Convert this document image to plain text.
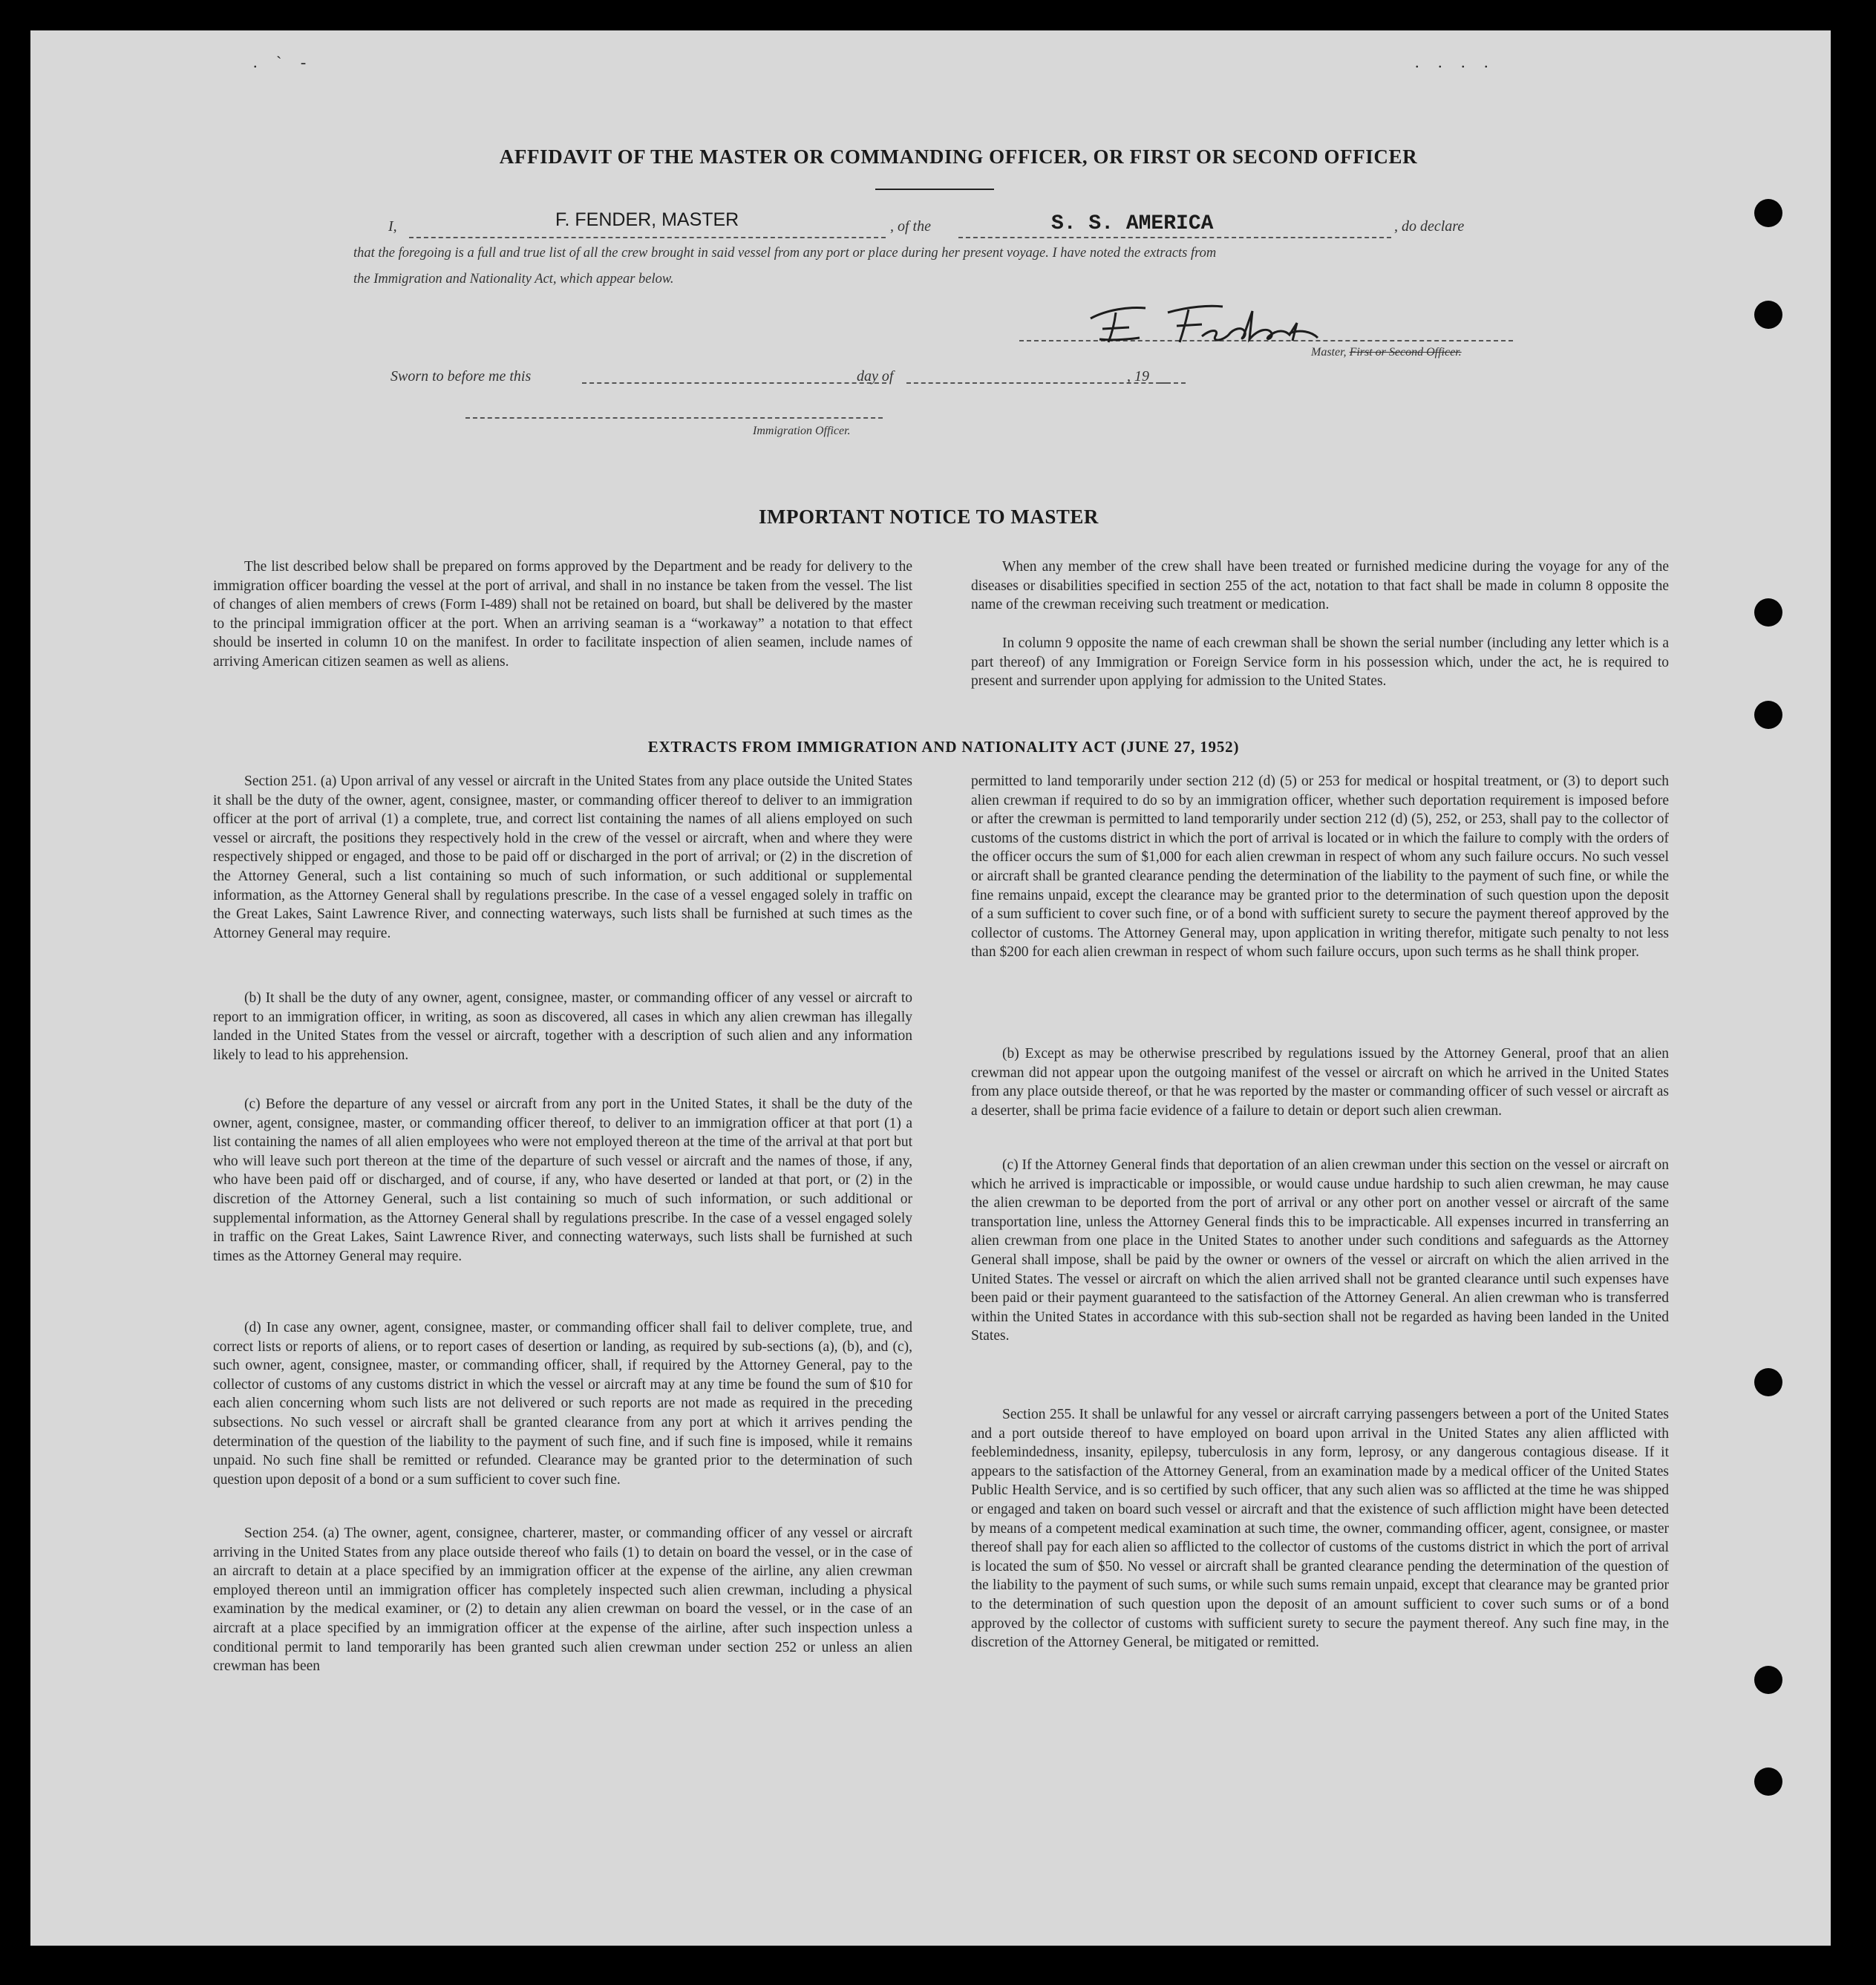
. ` -	. . . .
AFFIDAVIT OF THE MASTER OR COMMANDING OFFICER, OR FIRST OR SECOND OFFICER
I,	F. FENDER, MASTER	, of the	S. S. AMERICA	, do declare
that the foregoing is a full and true list of all the crew brought in said vessel from any port or place during her present voyage. I have noted the extracts from
the Immigration and Nationality Act, which appear below.
Master, First or Second Officer.
Sworn to before me this	day of	, 19
Immigration Officer.
IMPORTANT NOTICE TO MASTER

The list described below shall be prepared on forms approved by the Department and be ready for delivery to the immigration officer boarding the vessel at the port of arrival, and shall in no instance be taken from the vessel. The list of changes of alien members of crews (Form I-489) shall not be retained on board, but shall be delivered by the master to the principal immigration officer at the port. When an arriving seaman is a “workaway” a notation to that effect should be inserted in column 10 on the manifest. In order to facilitate inspection of alien seamen, include names of arriving American citizen seamen as well as aliens.

When any member of the crew shall have been treated or furnished medicine during the voyage for any of the diseases or disabilities specified in section 255 of the act, notation to that fact shall be made in column 8 opposite the name of the crewman receiving such treatment or medication.

In column 9 opposite the name of each crewman shall be shown the serial number (including any letter which is a part thereof) of any Immigration or Foreign Service form in his possession which, under the act, he is required to present and surrender upon applying for admission to the United States.

EXTRACTS FROM IMMIGRATION AND NATIONALITY ACT (JUNE 27, 1952)

Section 251. (a) Upon arrival of any vessel or aircraft in the United States from any place outside the United States it shall be the duty of the owner, agent, consignee, master, or commanding officer thereof to deliver to an immigration officer at the port of arrival (1) a complete, true, and correct list containing the names of all aliens employed on such vessel or aircraft, the positions they respectively hold in the crew of the vessel or aircraft, when and where they were respectively shipped or engaged, and those to be paid off or discharged in the port of arrival; or (2) in the discretion of the Attorney General, such a list containing so much of such information, or such additional or supplemental information, as the Attorney General shall by regulations prescribe. In the case of a vessel engaged solely in traffic on the Great Lakes, Saint Lawrence River, and connecting waterways, such lists shall be furnished at such times as the Attorney General may require.

(b) It shall be the duty of any owner, agent, consignee, master, or commanding officer of any vessel or aircraft to report to an immigration officer, in writing, as soon as discovered, all cases in which any alien crewman has illegally landed in the United States from the vessel or aircraft, together with a description of such alien and any information likely to lead to his apprehension.

(c) Before the departure of any vessel or aircraft from any port in the United States, it shall be the duty of the owner, agent, consignee, master, or commanding officer thereof, to deliver to an immigration officer at that port (1) a list containing the names of all alien employees who were not employed thereon at the time of the arrival at that port but who will leave such port thereon at the time of the departure of such vessel or aircraft and the names of those, if any, who have been paid off or discharged, and of course, if any, who have deserted or landed at that port, or (2) in the discretion of the Attorney General, such a list containing so much of such information, or such additional or supplemental information, as the Attorney General shall by regulations prescribe. In the case of a vessel engaged solely in traffic on the Great Lakes, Saint Lawrence River, and connecting waterways, such lists shall be furnished at such times as the Attorney General may require.

(d) In case any owner, agent, consignee, master, or commanding officer shall fail to deliver complete, true, and correct lists or reports of aliens, or to report cases of desertion or landing, as required by sub-sections (a), (b), and (c), such owner, agent, consignee, master, or commanding officer, shall, if required by the Attorney General, pay to the collector of customs of any customs district in which the vessel or aircraft may at any time be found the sum of $10 for each alien concerning whom such lists are not delivered or such reports are not made as required in the preceding subsections. No such vessel or aircraft shall be granted clearance from any port at which it arrives pending the determination of the question of the liability to the payment of such fine, and if such fine is imposed, while it remains unpaid. No such fine shall be remitted or refunded. Clearance may be granted prior to the determination of such question upon deposit of a bond or a sum sufficient to cover such fine.

Section 254. (a) The owner, agent, consignee, charterer, master, or commanding officer of any vessel or aircraft arriving in the United States from any place outside thereof who fails (1) to detain on board the vessel, or in the case of an aircraft to detain at a place specified by an immigration officer at the expense of the airline, any alien crewman employed thereon until an immigration officer has completely inspected such alien crewman, including a physical examination by the medical examiner, or (2) to detain any alien crewman on board the vessel, or in the case of an aircraft at a place specified by an immigration officer at the expense of the airline, after such inspection unless a conditional permit to land temporarily has been granted such alien crewman under section 252 or unless an alien crewman has been

permitted to land temporarily under section 212 (d) (5) or 253 for medical or hospital treatment, or (3) to deport such alien crewman if required to do so by an immigration officer, whether such deportation requirement is imposed before or after the crewman is permitted to land temporarily under section 212 (d) (5), 252, or 253, shall pay to the collector of customs of the customs district in which the port of arrival is located or in which the failure to comply with the orders of the officer occurs the sum of $1,000 for each alien crewman in respect of whom any such failure occurs. No such vessel or aircraft shall be granted clearance pending the determination of the liability to the payment of such fine, or while the fine remains unpaid, except the clearance may be granted prior to the determination of such question upon the deposit of a sum sufficient to cover such fine, or of a bond with sufficient surety to secure the payment thereof approved by the collector of customs. The Attorney General may, upon application in writing therefor, mitigate such penalty to not less than $200 for each alien crewman in respect of whom such failure occurs, upon such terms as he shall think proper.

(b) Except as may be otherwise prescribed by regulations issued by the Attorney General, proof that an alien crewman did not appear upon the outgoing manifest of the vessel or aircraft on which he arrived in the United States from any place outside thereof, or that he was reported by the master or commanding officer of such vessel or aircraft as a deserter, shall be prima facie evidence of a failure to detain or deport such alien crewman.

(c) If the Attorney General finds that deportation of an alien crewman under this section on the vessel or aircraft on which he arrived is impracticable or impossible, or would cause undue hardship to such alien crewman, he may cause the alien crewman to be deported from the port of arrival or any other port on another vessel or aircraft of the same transportation line, unless the Attorney General finds this to be impracticable. All expenses incurred in transferring an alien crewman from one place in the United States to another under such conditions and safeguards as the Attorney General shall impose, shall be paid by the owner or owners of the vessel or aircraft on which the alien arrived in the United States. The vessel or aircraft on which the alien arrived shall not be granted clearance until such expenses have been paid or their payment guaranteed to the satisfaction of the Attorney General. An alien crewman who is transferred within the United States in accordance with this sub-section shall not be regarded as having been landed in the United States.

Section 255. It shall be unlawful for any vessel or aircraft carrying passengers between a port of the United States and a port outside thereof to have employed on board upon arrival in the United States any alien afflicted with feeblemindedness, insanity, epilepsy, tuberculosis in any form, leprosy, or any dangerous contagious disease. If it appears to the satisfaction of the Attorney General, from an examination made by a medical officer of the United States Public Health Service, and is so certified by such officer, that any such alien was so afflicted at the time he was shipped or engaged and taken on board such vessel or aircraft and that the existence of such affliction might have been detected by means of a competent medical examination at such time, the owner, commanding officer, agent, consignee, or master thereof shall pay for each alien so afflicted to the collector of customs of the customs district in which the port of arrival is located the sum of $50. No vessel or aircraft shall be granted clearance pending the determination of the question of the liability to the payment of such sums, or while such sums remain unpaid, except that clearance may be granted prior to the determination of such question upon the deposit of an amount sufficient to cover such sums or of a bond approved by the collector of customs with sufficient surety to secure the payment thereof. Any such fine may, in the discretion of the Attorney General, be mitigated or remitted.
